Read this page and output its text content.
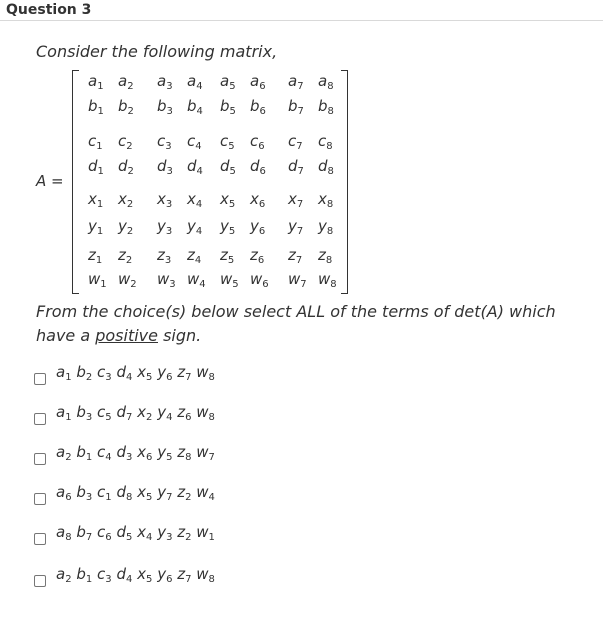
Question 3
Consider the following matrix,
A =
$a_1$ $a_2$ $a_3$ $a_4$ $a_5$ $a_6$ $a_7$ $a_8$
$b_1$ $b_2$ $b_3$ $b_4$ $b_5$ $b_6$ $b_7$ $b_8$
$c_1$ $c_2$ $c_3$ $c_4$ $c_5$ $c_6$ $c_7$ $c_8$
$d_1$ $d_2$ $d_3$ $d_4$ $d_5$ $d_6$ $d_7$ $d_8$
$x_1$ $x_2$ $x_3$ $x_4$ $x_5$ $x_6$ $x_7$ $x_8$
$y_1$ $y_2$ $y_3$ $y_4$ $y_5$ $y_6$ $y_7$ $y_8$
$z_1$ $z_2$ $z_3$ $z_4$ $z_5$ $z_6$ $z_7$ $z_8$
$w_1$ $w_2$ $w_3$ $w_4$ $w_5$ $w_6$ $w_7$ $w_8$
From the choice(s) below select ALL of the terms of det(A) which have a positive sign.
$a_1$ $b_2$ $c_3$ $d_4$ $x_5$ $y_6$ $z_7$ $w_8$
$a_1$ $b_3$ $c_5$ $d_7$ $x_2$ $y_4$ $z_6$ $w_8$
$a_2$ $b_1$ $c_4$ $d_3$ $x_6$ $y_5$ $z_8$ $w_7$
$a_6$ $b_3$ $c_1$ $d_8$ $x_5$ $y_7$ $z_2$ $w_4$
$a_8$ $b_7$ $c_6$ $d_5$ $x_4$ $y_3$ $z_2$ $w_1$
$a_2$ $b_1$ $c_3$ $d_4$ $x_5$ $y_6$ $z_7$ $w_8$
